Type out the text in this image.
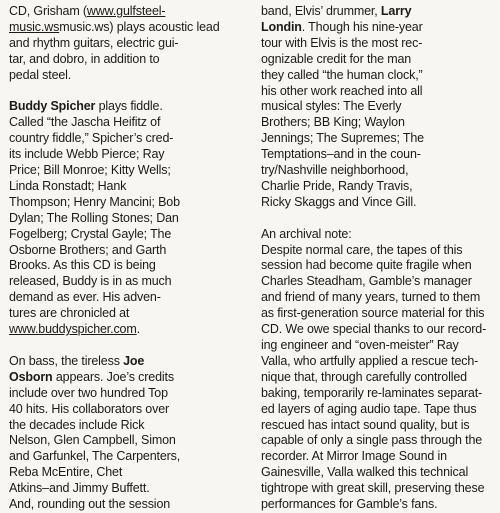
CD, Grisham (www.gulfsteel-
music.wsmusic.ws) plays acoustic lead
and rhythm guitars, electric gui-
tar, and dobro, in addition to
pedal steel.
Buddy Spicher plays fiddle.
Called “the Jascha Heifitz of
country fiddle,” Spicher’s cred-
its include Webb Pierce; Ray
Price; Bill Monroe; Kitty Wells;
Linda Ronstadt; Hank
Thompson; Henry Mancini; Bob
Dylan; The Rolling Stones; Dan
Fogelberg; Crystal Gayle; The
Osborne Brothers; and Garth
Brooks. As this CD is being
released, Buddy is in as much
demand as ever. His adven-
tures are chronicled at
www.buddyspicher.com.
On bass, the tireless Joe
Osborn appears. Joe’s credits
include over two hundred Top
40 hits. His collaborators over
the decades include Rick
Nelson, Glen Campbell, Simon
and Garfunkel, The Carpenters,
Reba McEntire, Chet
Atkins–and Jimmy Buffett.
And, rounding out the session
band, Elvis’ drummer, Larry
Londin. Though his nine-year
tour with Elvis is the most rec-
ognizable credit for the man
they called “the human clock,”
his other work reached into all
musical styles: The Everly
Brothers; BB King; Waylon
Jennings; The Supremes; The
Temptations–and in the coun-
try/Nashville neighborhood,
Charlie Pride, Randy Travis,
Ricky Skaggs and Vince Gill.
An archival note:
Despite normal care, the tapes of this
session had become quite fragile when
Charles Steadham, Gamble’s manager
and friend of many years, turned to them
as first-generation source material for this
CD. We owe special thanks to our record-
ing engineer and “oven-meister” Ray
Valla, who artfully applied a rescue tech-
nique that, through carefully controlled
baking, temporarily re-laminates separat-
ed layers of aging audio tape. Tape thus
rescued has intact sound quality, but is
capable of only a single pass through the
recorder. At Mirror Image Sound in
Gainesville, Valla walked this technical
tightrope with great skill, preserving these
performances for Gamble’s fans.
